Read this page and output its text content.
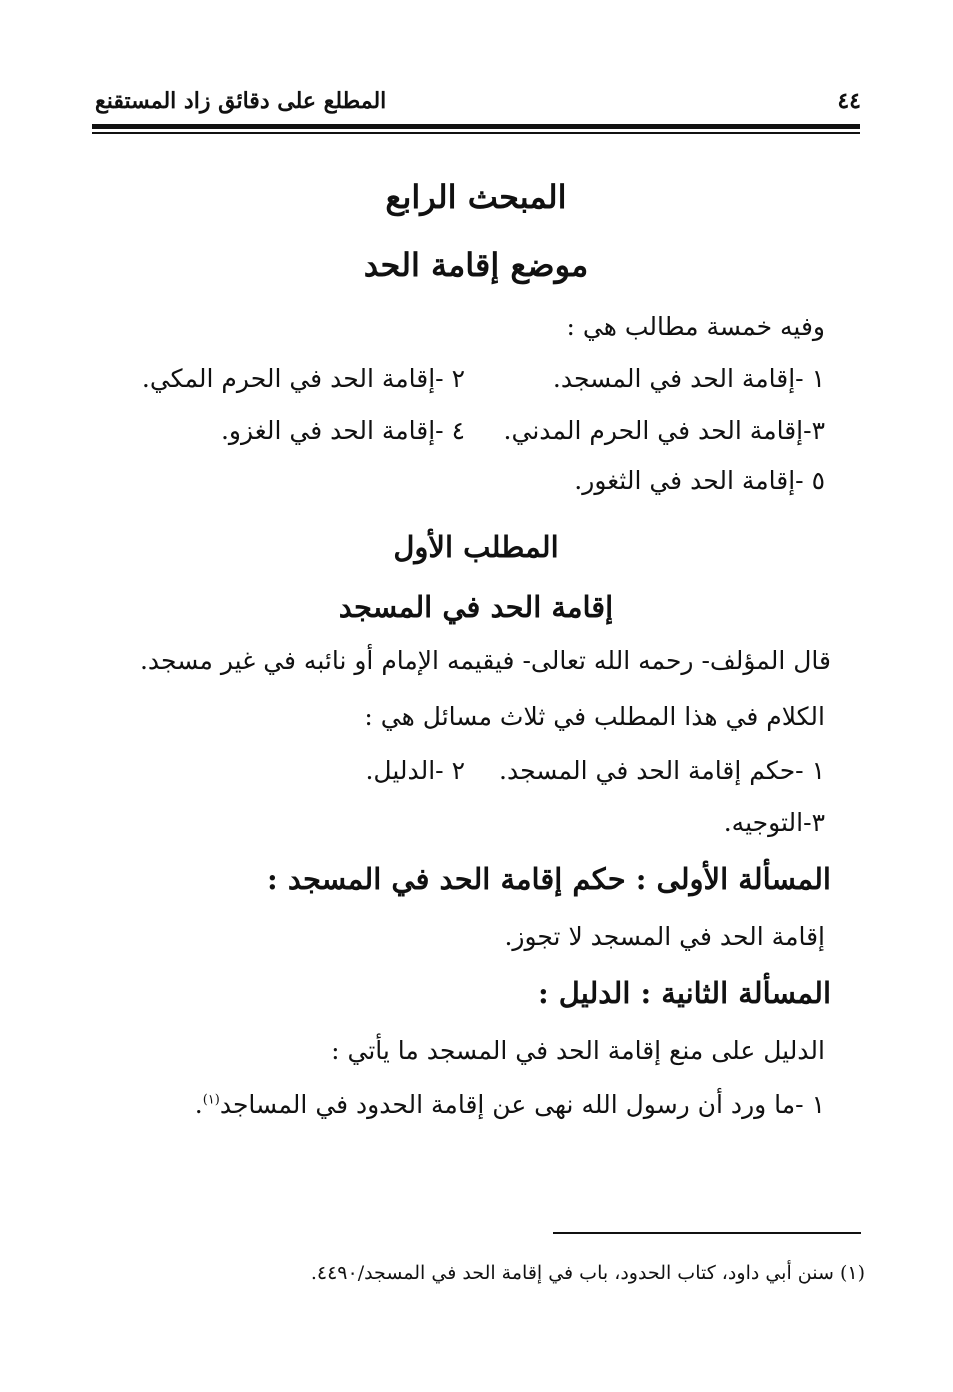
المطلع على دقائق زاد المستقنع	٤٤
المبحث الرابع
موضع إقامة الحد
وفيه خمسة مطالب هي :
١ -إقامة الحد في المسجد.
٢ -إقامة الحد في الحرم المكي.
٣-إقامة الحد في الحرم المدني.
٤ -إقامة الحد في الغزو.
٥ -إقامة الحد في الثغور.
المطلب الأول
إقامة الحد في المسجد
قال المؤلف- رحمه الله تعالى- فيقيمه الإمام أو نائبه في غير مسجد.
الكلام في هذا المطلب في ثلاث مسائل هي :
١ -حكم إقامة الحد في المسجد.
٢ -الدليل.
٣-التوجيه.
المسألة الأولى : حكم إقامة الحد في المسجد :
إقامة الحد في المسجد لا تجوز.
المسألة الثانية : الدليل :
الدليل على منع إقامة الحد في المسجد ما يأتي :
١ -ما ورد أن رسول الله نهى عن إقامة الحدود في المساجد$^{(١)}$.
(١) سنن أبي داود، كتاب الحدود، باب في إقامة الحد في المسجد/٤٤٩٠.
